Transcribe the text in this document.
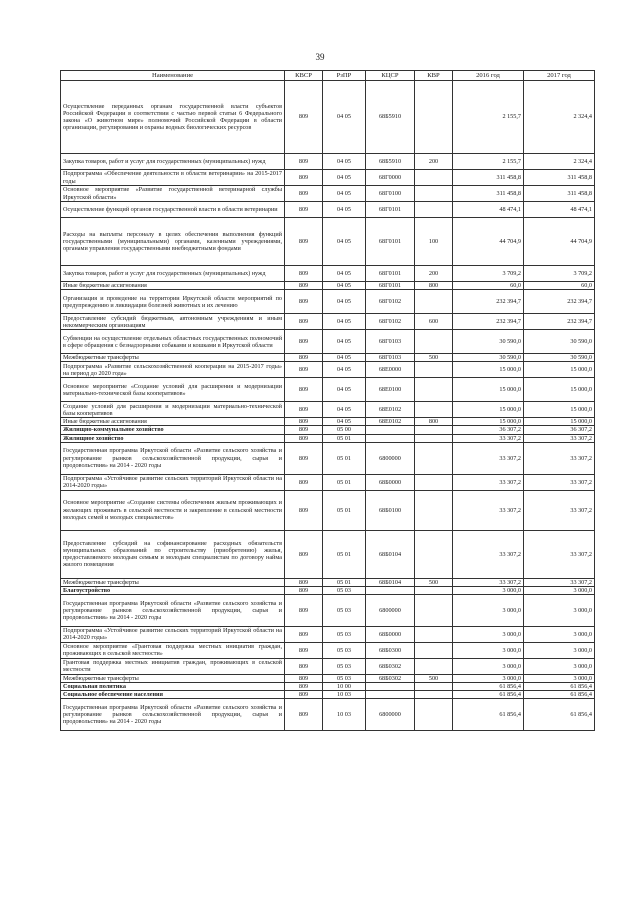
39
Наименование	КВСР	РзПР	КЦСР	КВР	2016 год	2017 год
Осуществление переданных органам государственной власти субъектов Российской Федерации в соответствии с частью первой статьи 6 Федерального закона «О животном мире» полномочий Российской Федерации в области организации, регулирования и охраны водных биологических ресурсов	809	04 05	68Б5910		2 155,7	2 324,4
Закупка товаров, работ и услуг для государственных (муниципальных) нужд	809	04 05	68Б5910	200	2 155,7	2 324,4
Подпрограмма «Обеспечение деятельности в области ветеринарии» на 2015-2017 годы	809	04 05	68Г0000		311 458,8	311 458,8
Основное мероприятие «Развитие государственной ветеринарной службы Иркутской области»	809	04 05	68Г0100		311 458,8	311 458,8
Осуществление функций органов государственной власти в области ветеринарии	809	04 05	68Г0101		48 474,1	48 474,1
Расходы на выплаты персоналу в целях обеспечения выполнения функций государственными (муниципальными) органами, казенными учреждениями, органами управления государственными внебюджетными фондами	809	04 05	68Г0101	100	44 704,9	44 704,9
Закупка товаров, работ и услуг для государственных (муниципальных) нужд	809	04 05	68Г0101	200	3 709,2	3 709,2
Иные бюджетные ассигнования	809	04 05	68Г0101	800	60,0	60,0
Организация и проведение на территории Иркутской области мероприятий по предупреждению и ликвидации болезней животных и их лечению	809	04 05	68Г0102		232 394,7	232 394,7
Предоставление субсидий бюджетным, автономным учреждениям и иным некоммерческим организациям	809	04 05	68Г0102	600	232 394,7	232 394,7
Субвенции на осуществление отдельных областных государственных полномочий в сфере обращения с безнадзорными собаками и кошками в Иркутской области	809	04 05	68Г0103		30 590,0	30 590,0
Межбюджетные трансферты	809	04 05	68Г0103	500	30 590,0	30 590,0
Подпрограмма «Развитие сельскохозяйственной кооперации на 2015-2017 годы» на период до 2020 года»	809	04 05	68Е0000		15 000,0	15 000,0
Основное мероприятие «Создание условий для расширения и модернизации материально-технической базы кооперативов»	809	04 05	68Е0100		15 000,0	15 000,0
Создание условий для расширения и модернизации материально-технической базы кооперативов	809	04 05	68Е0102		15 000,0	15 000,0
Иные бюджетные ассигнования	809	04 05	68Е0102	800	15 000,0	15 000,0
Жилищно-коммунальное хозяйство	809	05 00			36 307,2	36 307,2
Жилищное хозяйство	809	05 01			33 307,2	33 307,2
Государственная программа Иркутской области «Развитие сельского хозяйства и регулирование рынков сельскохозяйственной продукции, сырья и продовольствия» на 2014 - 2020 годы	809	05 01	6800000		33 307,2	33 307,2
Подпрограмма «Устойчивое развитие сельских территорий Иркутской области на 2014-2020 годы»	809	05 01	68Б0000		33 307,2	33 307,2
Основное мероприятие «Создание системы обеспечения жильем проживающих и желающих проживать в сельской местности и закрепление в сельской местности молодых семей и молодых специалистов»	809	05 01	68Б0100		33 307,2	33 307,2
Предоставление субсидий на софинансирование расходных обязательств муниципальных образований по строительству (приобретению) жилья, предоставляемого молодым семьям и молодым специалистам по договору найма жилого помещения	809	05 01	68Б0104		33 307,2	33 307,2
Межбюджетные трансферты	809	05 01	68Б0104	500	33 307,2	33 307,2
Благоустройство	809	05 03			3 000,0	3 000,0
Государственная программа Иркутской области «Развитие сельского хозяйства и регулирование рынков сельскохозяйственной продукции, сырья и продовольствия» на 2014 - 2020 годы	809	05 03	6800000		3 000,0	3 000,0
Подпрограмма «Устойчивое развитие сельских территорий Иркутской области на 2014-2020 годы»	809	05 03	68Б0000		3 000,0	3 000,0
Основное мероприятие «Грантовая поддержка местных инициатив граждан, проживающих в сельской местности»	809	05 03	68Б0300		3 000,0	3 000,0
Грантовая поддержка местных инициатив граждан, проживающих в сельской местности	809	05 03	68Б0302		3 000,0	3 000,0
Межбюджетные трансферты	809	05 03	68Б0302	500	3 000,0	3 000,0
Социальная политика	809	10 00			61 856,4	61 856,4
Социальное обеспечение населения	809	10 03			61 856,4	61 856,4
Государственная программа Иркутской области «Развитие сельского хозяйства и регулирование рынков сельскохозяйственной продукции, сырья и продовольствия» на 2014 - 2020 годы	809	10 03	6800000		61 856,4	61 856,4
